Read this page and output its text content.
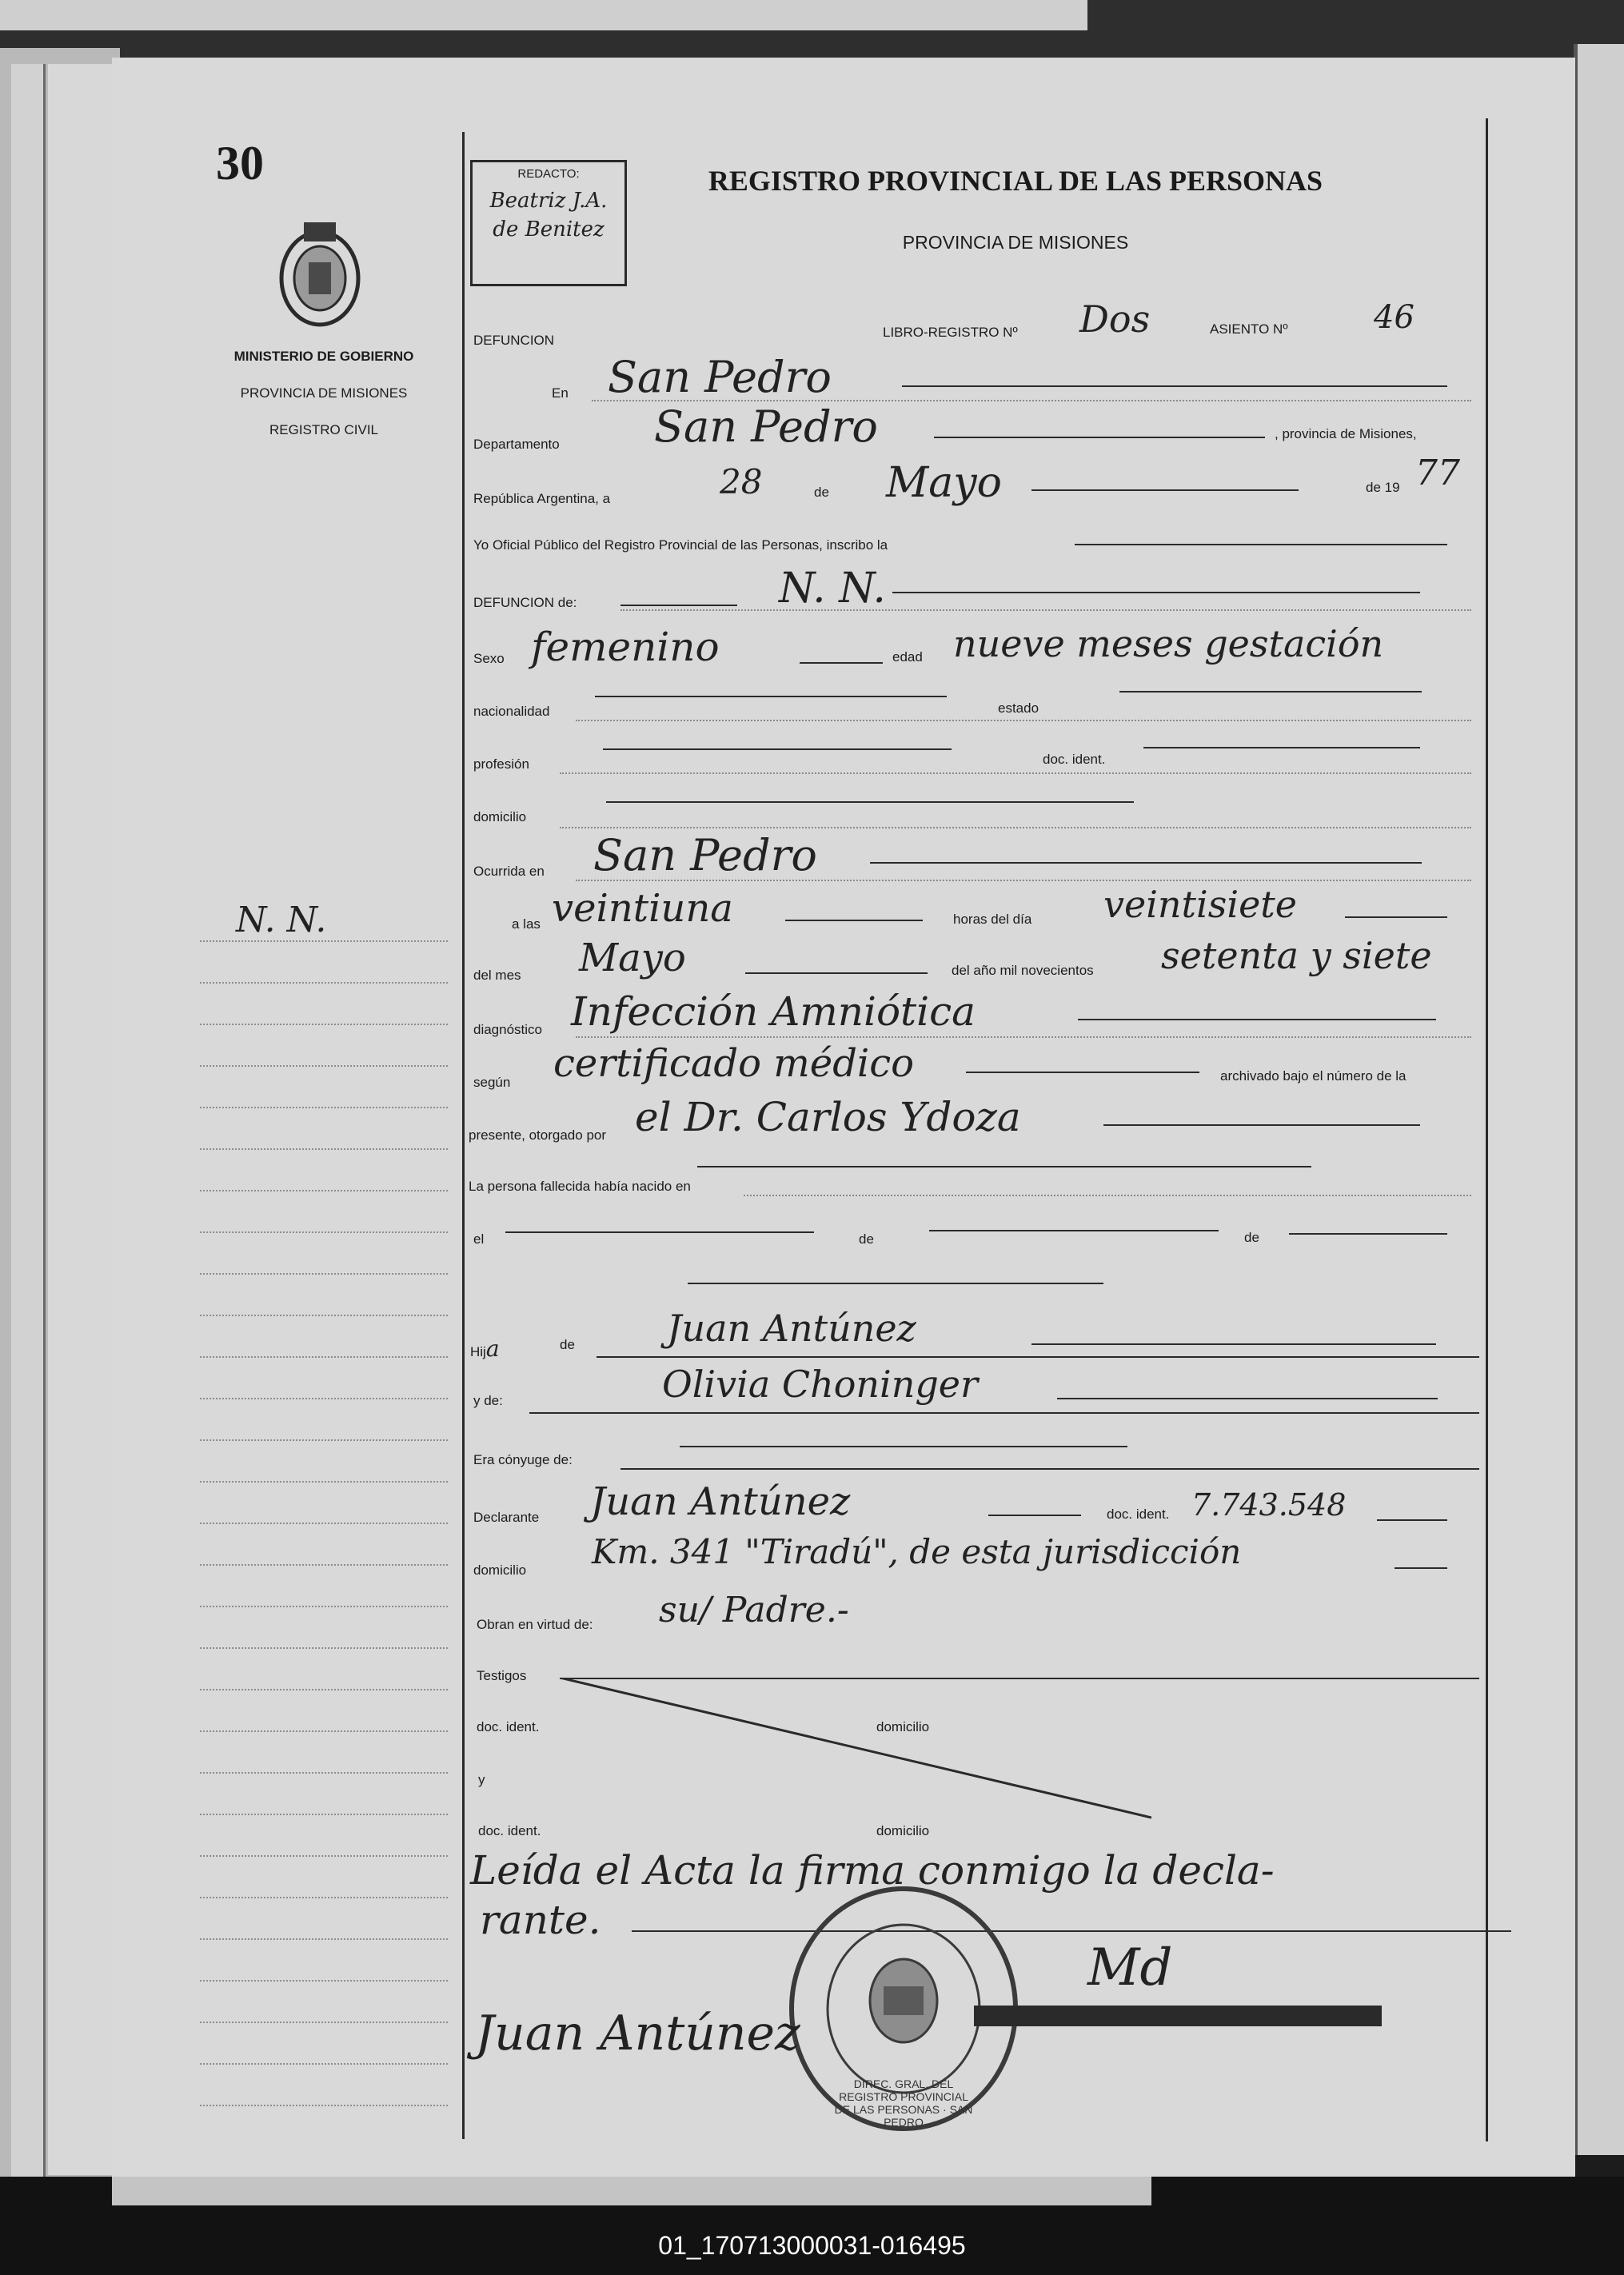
30
MINISTERIO DE GOBIERNO
PROVINCIA DE MISIONES
REGISTRO CIVIL
N. N.
REDACTO:
Beatriz J.A. de Benitez
REGISTRO PROVINCIAL DE LAS PERSONAS
PROVINCIA DE MISIONES
DEFUNCION
LIBRO-REGISTRO Nº Dos	ASIENTO Nº	46
En San Pedro
Departamento San Pedro	, provincia de Misiones,
República Argentina, a	28	de Mayo	de 19 77
Yo Oficial Público del Registro Provincial de las Personas, inscribo la
DEFUNCION de:	N. N.
Sexo femenino	edad nueve meses gestación
nacionalidad	estado
profesión	doc. ident.
domicilio
Ocurrida en San Pedro
a las veintiuna	horas del día veintisiete
del mes Mayo	del año mil novecientos setenta y siete
diagnóstico Infección Amniótica
según certificado médico	archivado bajo el número de la
presente, otorgado por el Dr. Carlos Ydoza
La persona fallecida había nacido en
el	de	de
Hija	de	Juan Antúnez
y de:	Olivia Choninger
Era cónyuge de:
Declarante Juan Antúnez	doc. ident. 7.743.548
domicilio Km. 341 "Tiradú", de esta jurisdicción
Obran en virtud de: su/ Padre.-
Testigos
doc. ident.	domicilio
y
doc. ident.	domicilio
Leída el Acta la firma conmigo la decla-
rante.
DIREC. GRAL. DEL REGISTRO PROVINCIAL DE LAS PERSONAS · SAN PEDRO
Juan Antúnez
Md
01_170713000031-016495
